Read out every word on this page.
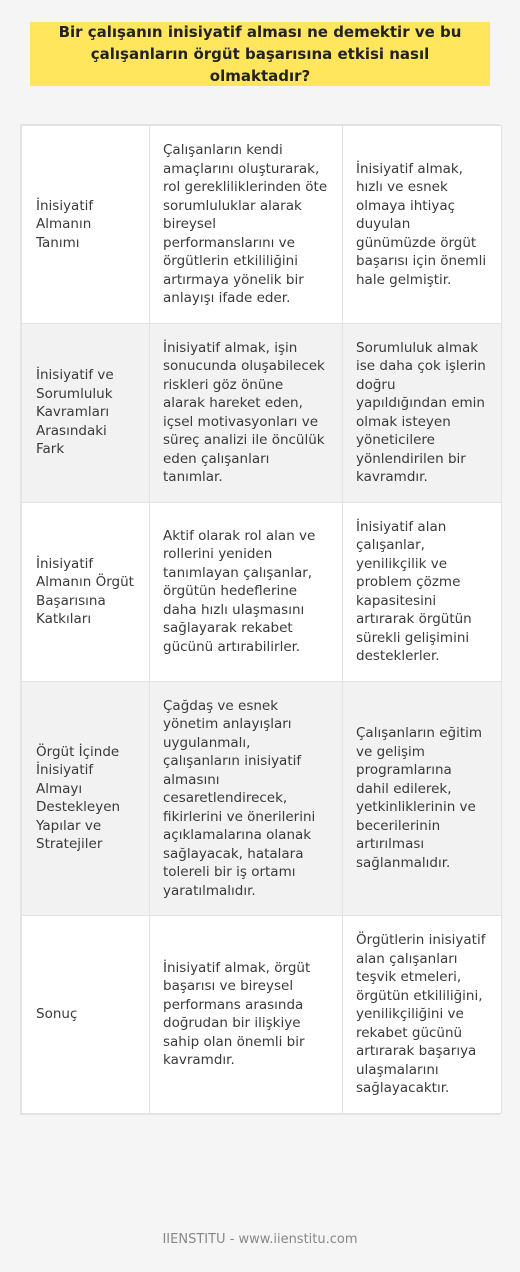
Bir çalışanın inisiyatif alması ne demektir ve bu çalışanların örgüt başarısına etkisi nasıl olmaktadır?
İnisiyatif Almanın Tanımı	Çalışanların kendi amaçlarını oluşturarak, rol gerekliliklerinden öte sorumluluklar alarak bireysel performanslarını ve örgütlerin etkililiğini artırmaya yönelik bir anlayışı ifade eder.	İnisiyatif almak, hızlı ve esnek olmaya ihtiyaç duyulan günümüzde örgüt başarısı için önemli hale gelmiştir.
İnisiyatif ve Sorumluluk Kavramları Arasındaki Fark	İnisiyatif almak, işin sonucunda oluşabilecek riskleri göz önüne alarak hareket eden, içsel motivasyonları ve süreç analizi ile öncülük eden çalışanları tanımlar.	Sorumluluk almak ise daha çok işlerin doğru yapıldığından emin olmak isteyen yöneticilere yönlendirilen bir kavramdır.
İnisiyatif Almanın Örgüt Başarısına Katkıları	Aktif olarak rol alan ve rollerini yeniden tanımlayan çalışanlar, örgütün hedeflerine daha hızlı ulaşmasını sağlayarak rekabet gücünü artırabilirler.	İnisiyatif alan çalışanlar, yenilikçilik ve problem çözme kapasitesini artırarak örgütün sürekli gelişimini desteklerler.
Örgüt İçinde İnisiyatif Almayı Destekleyen Yapılar ve Stratejiler	Çağdaş ve esnek yönetim anlayışları uygulanmalı, çalışanların inisiyatif almasını cesaretlendirecek, fikirlerini ve önerilerini açıklamalarına olanak sağlayacak, hatalara tolereli bir iş ortamı yaratılmalıdır.	Çalışanların eğitim ve gelişim programlarına dahil edilerek, yetkinliklerinin ve becerilerinin artırılması sağlanmalıdır.
Sonuç	İnisiyatif almak, örgüt başarısı ve bireysel performans arasında doğrudan bir ilişkiye sahip olan önemli bir kavramdır.	Örgütlerin inisiyatif alan çalışanları teşvik etmeleri, örgütün etkililiğini, yenilikçiliğini ve rekabet gücünü artırarak başarıya ulaşmalarını sağlayacaktır.
IIENSTITU - www.iienstitu.com
